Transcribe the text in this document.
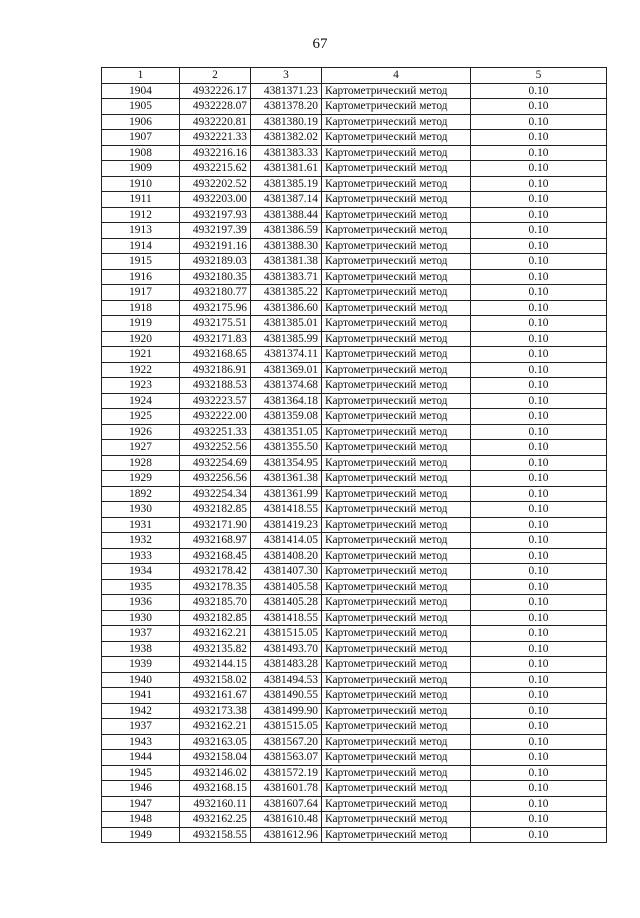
67
1	2	3	4	5
1904	4932226.17	4381371.23	Картометрический метод	0.10
1905	4932228.07	4381378.20	Картометрический метод	0.10
1906	4932220.81	4381380.19	Картометрический метод	0.10
1907	4932221.33	4381382.02	Картометрический метод	0.10
1908	4932216.16	4381383.33	Картометрический метод	0.10
1909	4932215.62	4381381.61	Картометрический метод	0.10
1910	4932202.52	4381385.19	Картометрический метод	0.10
1911	4932203.00	4381387.14	Картометрический метод	0.10
1912	4932197.93	4381388.44	Картометрический метод	0.10
1913	4932197.39	4381386.59	Картометрический метод	0.10
1914	4932191.16	4381388.30	Картометрический метод	0.10
1915	4932189.03	4381381.38	Картометрический метод	0.10
1916	4932180.35	4381383.71	Картометрический метод	0.10
1917	4932180.77	4381385.22	Картометрический метод	0.10
1918	4932175.96	4381386.60	Картометрический метод	0.10
1919	4932175.51	4381385.01	Картометрический метод	0.10
1920	4932171.83	4381385.99	Картометрический метод	0.10
1921	4932168.65	4381374.11	Картометрический метод	0.10
1922	4932186.91	4381369.01	Картометрический метод	0.10
1923	4932188.53	4381374.68	Картометрический метод	0.10
1924	4932223.57	4381364.18	Картометрический метод	0.10
1925	4932222.00	4381359.08	Картометрический метод	0.10
1926	4932251.33	4381351.05	Картометрический метод	0.10
1927	4932252.56	4381355.50	Картометрический метод	0.10
1928	4932254.69	4381354.95	Картометрический метод	0.10
1929	4932256.56	4381361.38	Картометрический метод	0.10
1892	4932254.34	4381361.99	Картометрический метод	0.10
1930	4932182.85	4381418.55	Картометрический метод	0.10
1931	4932171.90	4381419.23	Картометрический метод	0.10
1932	4932168.97	4381414.05	Картометрический метод	0.10
1933	4932168.45	4381408.20	Картометрический метод	0.10
1934	4932178.42	4381407.30	Картометрический метод	0.10
1935	4932178.35	4381405.58	Картометрический метод	0.10
1936	4932185.70	4381405.28	Картометрический метод	0.10
1930	4932182.85	4381418.55	Картометрический метод	0.10
1937	4932162.21	4381515.05	Картометрический метод	0.10
1938	4932135.82	4381493.70	Картометрический метод	0.10
1939	4932144.15	4381483.28	Картометрический метод	0.10
1940	4932158.02	4381494.53	Картометрический метод	0.10
1941	4932161.67	4381490.55	Картометрический метод	0.10
1942	4932173.38	4381499.90	Картометрический метод	0.10
1937	4932162.21	4381515.05	Картометрический метод	0.10
1943	4932163.05	4381567.20	Картометрический метод	0.10
1944	4932158.04	4381563.07	Картометрический метод	0.10
1945	4932146.02	4381572.19	Картометрический метод	0.10
1946	4932168.15	4381601.78	Картометрический метод	0.10
1947	4932160.11	4381607.64	Картометрический метод	0.10
1948	4932162.25	4381610.48	Картометрический метод	0.10
1949	4932158.55	4381612.96	Картометрический метод	0.10
